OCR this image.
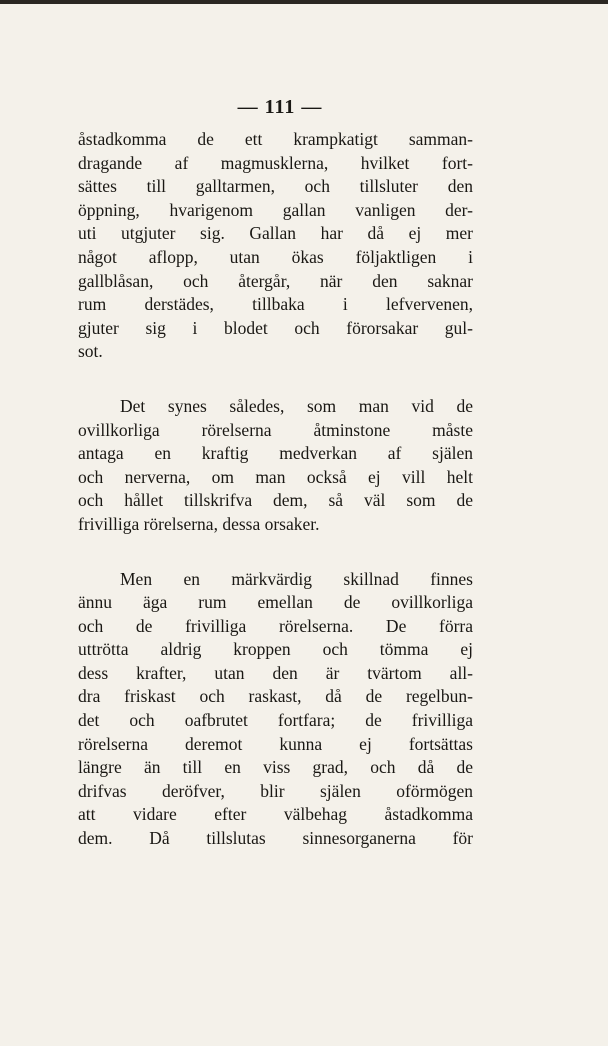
— 111 —
åstadkomma de ett krampkatigt samman-
dragande af magmusklerna, hvilket fort-
sättes till galltarmen, och tillsluter den
öppning, hvarigenom gallan vanligen der-
uti utgjuter sig. Gallan har då ej mer
något aflopp, utan ökas följaktligen i
gallblåsan, och återgår, när den saknar
rum derstädes, tillbaka i lefvervenen,
gjuter sig i blodet och förorsakar gul-
sot.
Det synes således, som man vid de
ovillkorliga rörelserna åtminstone måste
antaga en kraftig medverkan af själen
och nerverna, om man också ej vill helt
och hållet tillskrifva dem, så väl som de
frivilliga rörelserna, dessa orsaker.
Men en märkvärdig skillnad finnes
ännu äga rum emellan de ovillkorliga
och de frivilliga rörelserna. De förra
uttrötta aldrig kroppen och tömma ej
dess krafter, utan den är tvärtom all-
dra friskast och raskast, då de regelbun-
det och oafbrutet fortfara; de frivilliga
rörelserna deremot kunna ej fortsättas
längre än till en viss grad, och då de
drifvas deröfver, blir själen oförmögen
att vidare efter välbehag åstadkomma
dem. Då tillslutas sinnesorganerna för
